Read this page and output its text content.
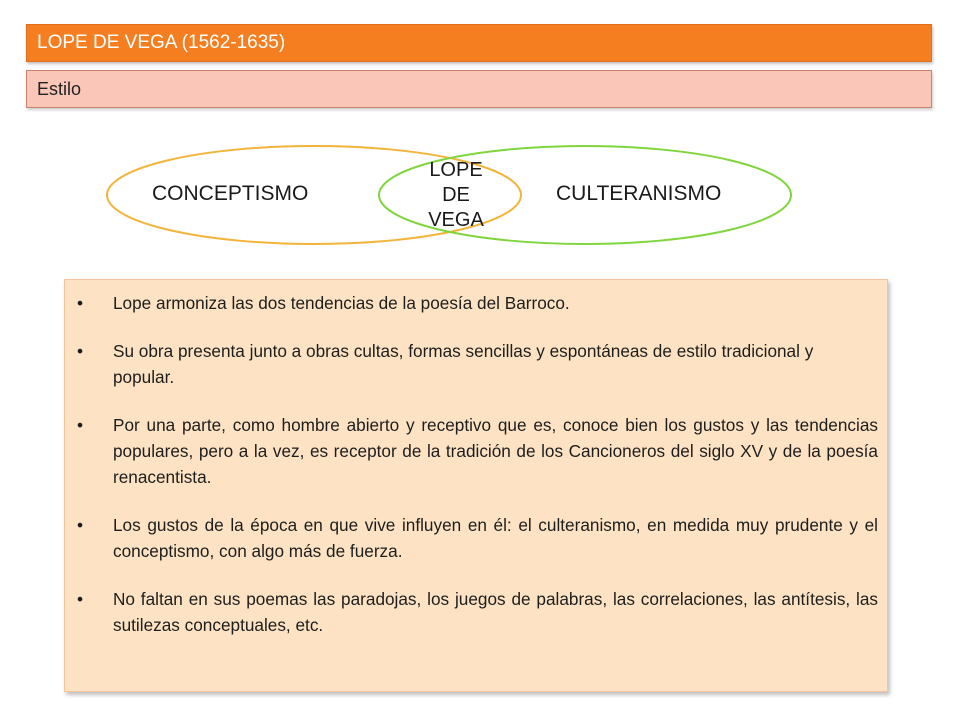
LOPE DE VEGA (1562-1635)
Estilo
CONCEPTISMO	CULTERANISMO
LOPE
DE
VEGA
• Lope armoniza las dos tendencias de la poesía del Barroco.
• Su obra presenta junto a obras cultas, formas sencillas y espontáneas de estilo tradicional y popular.
• Por una parte, como hombre abierto y receptivo que es, conoce bien los gustos y las tendencias populares, pero a la vez, es receptor de la tradición de los Cancioneros del siglo XV y de la poesía renacentista.
• Los gustos de la época en que vive influyen en él: el culteranismo, en medida muy prudente y el conceptismo, con algo más de fuerza.
• No faltan en sus poemas las paradojas, los juegos de palabras, las correlaciones, las antítesis, las sutilezas conceptuales, etc.
